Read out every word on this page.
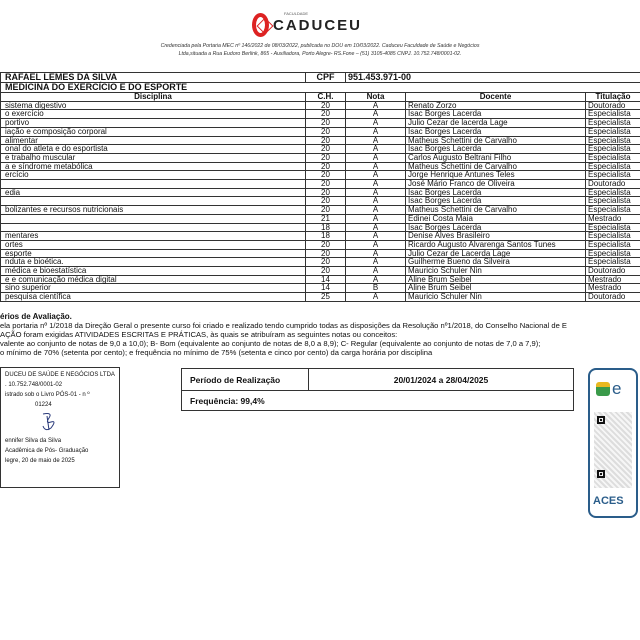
FACULDADE
CADUCEU
Credenciada pela Portaria MEC nº 146/2022 de 08/03/2022, publicada no DOU em 10/03/2022. Caduceu Faculdade de Saúde e Negócios
Ltda,situada a Rua Eudoro Berlink, 865 - Auxiliadora, Porto Alegre- RS.Fone – (51) 3105-4085 CNPJ. 10.752.748/0001-02.
RAFAEL LEMES DA SILVA	CPF	951.453.971-00		
MEDICINA DO EXERCÍCIO E DO ESPORTE				
Disciplina	C.H.	Nota	Docente	Titulação
sistema digestivo	20	A	Renato Zorzo	Doutorado
o exercício	20	A	Isac Borges Lacerda	Especialista
portivo	20	A	Julio Cezar de lacerda Lage	Especialista
iação e composição corporal	20	A	Isac Borges Lacerda	Especialista
alimentar	20	A	Matheus Schettini de Carvalho	Especialista
onal do atleta e do esportista	20	A	Isac Borges Lacerda	Especialista
e trabalho muscular	20	A	Carlos Augusto Beltrani Filho	Especialista
a e síndrome metabólica	20	A	Matheus Schettini de Carvalho	Especialista
ercício	20	A	Jorge Henrique Antunes Teles	Especialista
	20	A	José Mário Franco de Oliveira	Doutorado
edia	20	A	Isac Borges Lacerda	Especialista
	20	A	Isac Borges Lacerda	Especialista
bolizantes e recursos nutricionais	20	A	Matheus Schettini de Carvalho	Especialista
	21	A	Edinei Costa Maia	Mestrado
	18	A	Isac Borges Lacerda	Especialista
mentares	18	A	Denise Alves Brasileiro	Especialista
ortes	20	A	Ricardo Augusto Alvarenga Santos Tunes	Especialista
esporte	20	A	Julio Cezar de Lacerda Lage	Especialista
nduta e bioética.	20	A	Guilherme Bueno da Silveira	Especialista
médica e bioestatística	20	A	Mauricio Schuler Nin	Doutorado
e e comunicação médica digital	14	A	Aline Brum Seibel	Mestrado
sino superior	14	B	Aline Brum Seibel	Mestrado
pesquisa científica	25	A	Mauricio Schuler Nin	Doutorado
érios de Avaliação.
ela portaria nº 1/2018 da Direção Geral o presente curso foi criado e realizado tendo cumprido todas as disposições da Resolução nº1/2018, do Conselho Nacional de E
AÇÃO foram exigidas ATIVIDADES ESCRITAS E PRÁTICAS, às quais se atribuíram as seguintes notas ou conceitos:
valente ao conjunto de notas de 9,0 a 10,0); B- Bom (equivalente ao conjunto de notas de 8,0 a 8,9); C- Regular (equivalente ao conjunto de notas de 7,0 a 7,9);
o mínimo de 70% (setenta por cento); e frequência no mínimo de 75% (setenta e cinco por cento) da carga horária por disciplina
DUCEU DE SAÚDE E NEGÓCIOS LTDA
. 10.752.748/0001-02
istrado sob o Livro PÓS-01 - n º
01224
ennifer Silva da Silva
Acadêmica de Pós- Graduação
legre, 20 de maio de 2025
Período de Realização	20/01/2024 a 28/04/2025
Frequência: 99,4%
e
ACES
